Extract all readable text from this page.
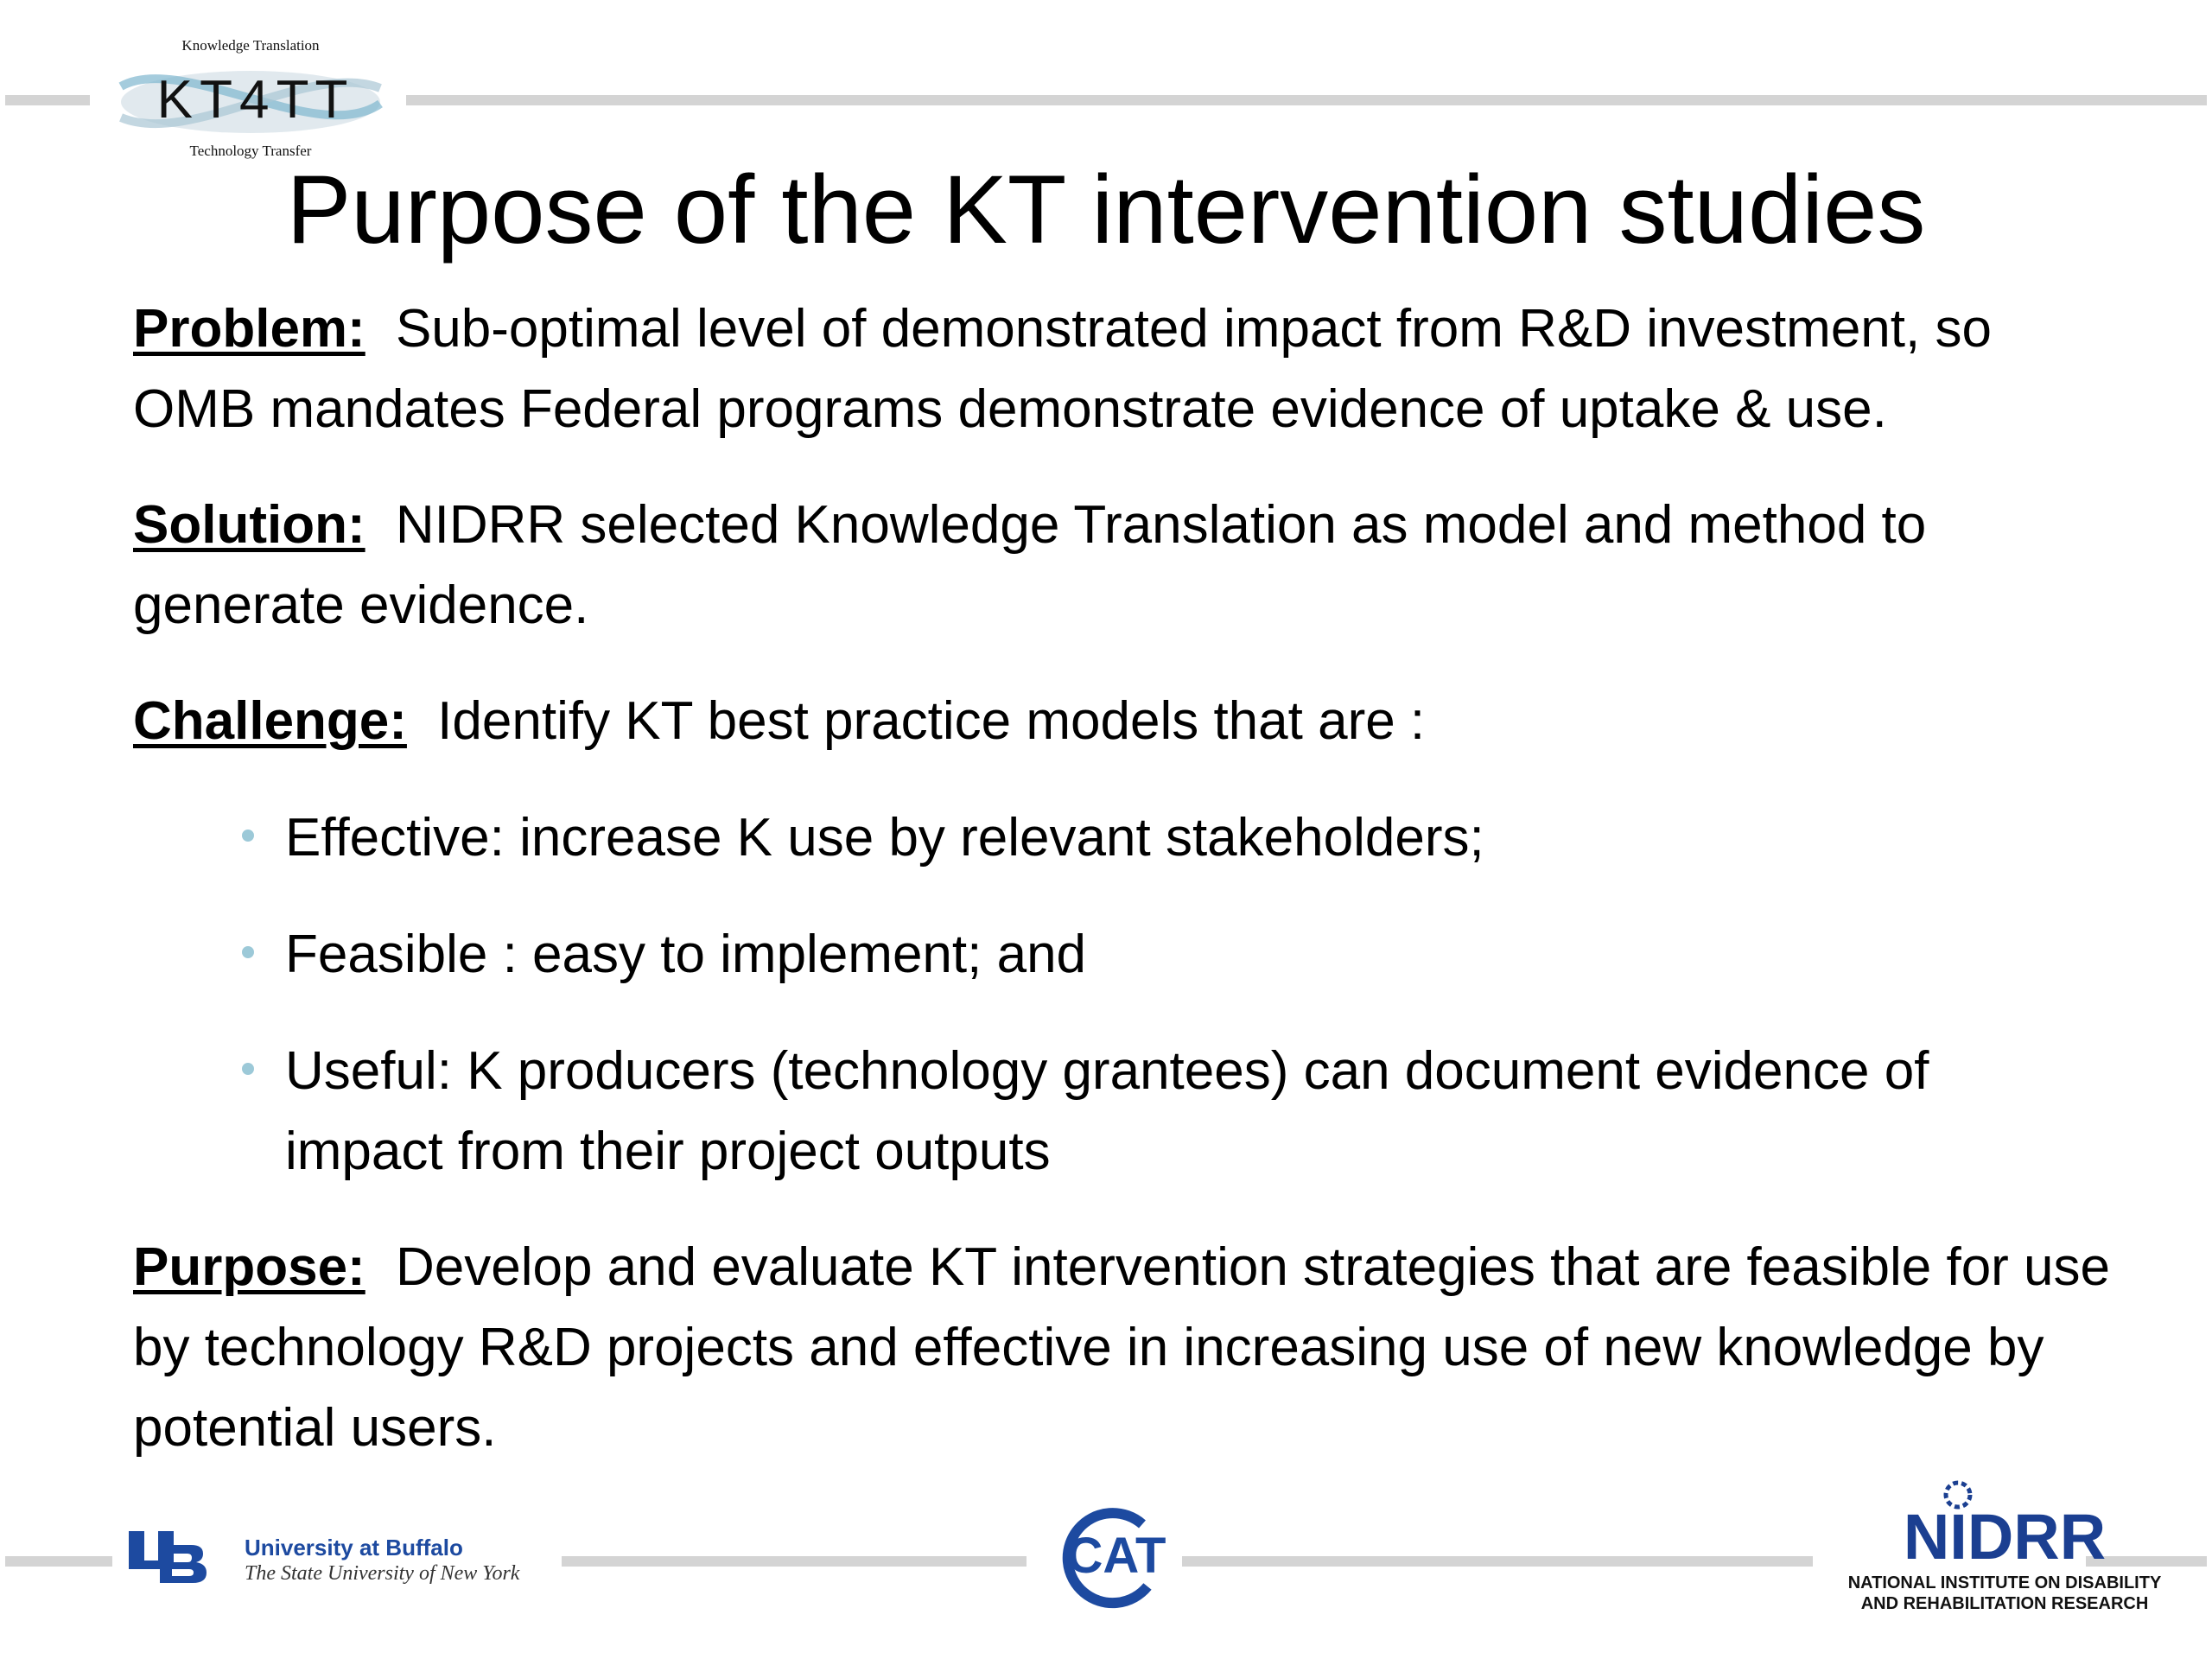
Knowledge Translation
K T 4 T T
Technology Transfer
Purpose of the KT intervention studies

Problem: Sub-optimal level of demonstrated impact from R&D investment, so OMB mandates Federal programs demonstrate evidence of uptake & use.

Solution: NIDRR selected Knowledge Translation as model and method to generate evidence.

Challenge: Identify KT best practice models that are :

Effective: increase K use by relevant stakeholders;
Feasible : easy to implement; and
Useful: K producers (technology grantees) can document evidence of impact from their project outputs

Purpose: Develop and evaluate KT intervention strategies that are feasible for use by technology R&D projects and effective in increasing use of new knowledge by potential users.

University at Buffalo
The State University of New York	CAT	NIDRR
NATIONAL INSTITUTE ON DISABILITY
AND REHABILITATION RESEARCH
